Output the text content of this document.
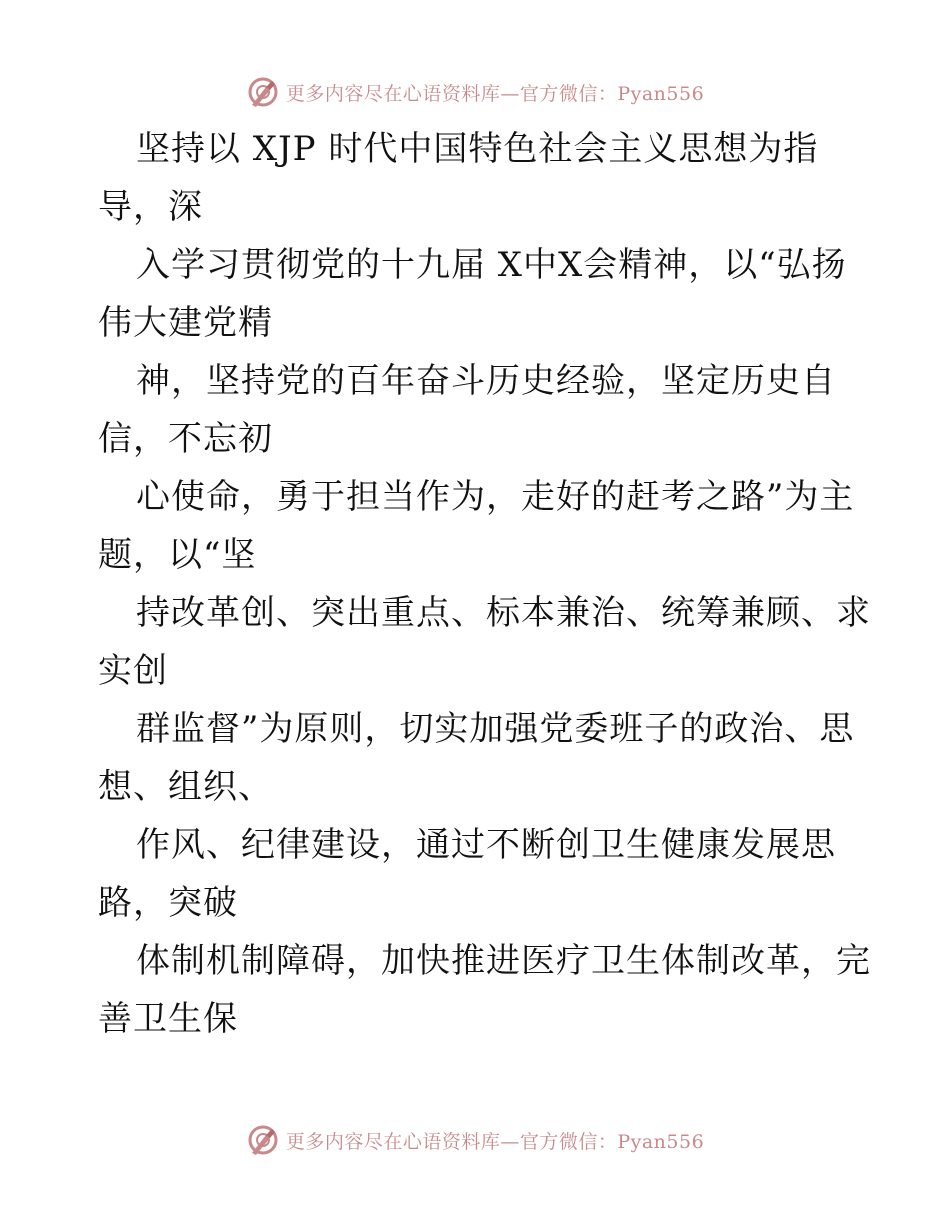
更多内容尽在心语资料库—官方微信：Pyan556
坚持以 XJP 时代中国特色社会主义思想为指
导，深
入学习贯彻党的十九届 X中X会精神，以“弘扬
伟大建党精
神，坚持党的百年奋斗历史经验，坚定历史自
信，不忘初
心使命，勇于担当作为，走好的赶考之路”为主
题，以“坚
持改革创、突出重点、标本兼治、统筹兼顾、求
实创
群监督”为原则，切实加强党委班子的政治、思
想、组织、
作风、纪律建设，通过不断创卫生健康发展思
路，突破
体制机制障碍，加快推进医疗卫生体制改革，完
善卫生保
更多内容尽在心语资料库—官方微信：Pyan556
